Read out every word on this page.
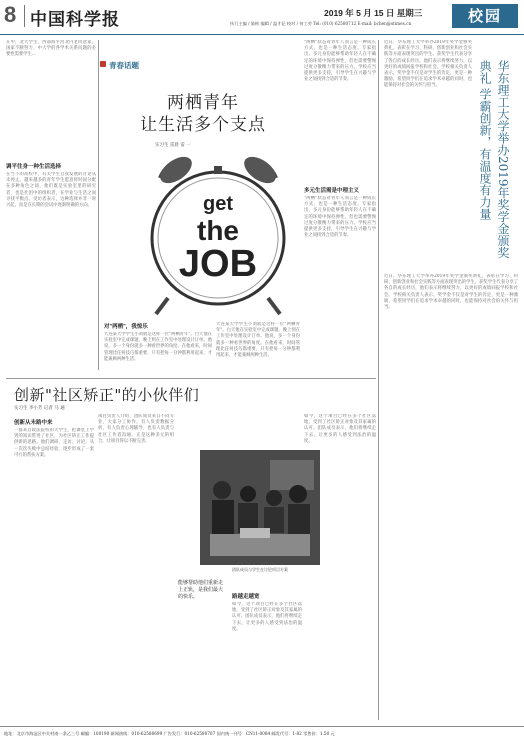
8 中国科学报	2019 年 5 月 15 日 星期三
执行主编 / 陈彬 编辑 / 温才妃 校对 / 何工劳 Tel: (010) 62580712 E-mail: bchen@stimes.cn	校园
在中，北大学生、西部海平河北内老同意家、国家不断努力、中大学的各学术关系问题的必要性需要学生...
调平往身一种生活选择
在当下的高校中，有关学生自我发展的讨论从未停止。越来越多的青年学生愿意将时间分配在多种角色之间，他们既是实验室里的研究者，也是社团中的组织者，在学业与生活之间寻找平衡点。受访者表示，这种选择并非一时兴起，而是在长期的尝试中逐渐明确的方向。
青春话题
两栖青年
让生活多个支点
实习生 雷晨 雷 一
get
the
JOB
对"两栖"，我惊乐
大连某大学学生小刘就是这样一位"两栖青年"。白天他在实验室中完成课题，晚上则在工作室中处理设计订单。他说，多一个身份就多一种看世界的角度。在他看来，时间管理比任何技巧都重要，只有把每一分钟都利用起来，才能兼顾两种生活。
大连某大学学生小刘就是这样一位"两栖青年"。白天他在实验室中完成课题，晚上则在工作室中处理设计订单。他说，多一个身份就多一种看世界的角度。在他看来，时间管理比任何技巧都重要，只有把每一分钟都利用起来，才能兼顾两种生活。
"两栖"状态对青年人而言是一种成长方式，也是一种生活态度。专家指出，多元身份能够帮助年轻人在不确定的环境中保持弹性，但也需要警惕过度分散精力带来的压力。学校应当提供更多支持，引导学生在兴趣与学业之间找到合适的节奏。
多元生活需是中理主义
"两栖"状态对青年人而言是一种成长方式，也是一种生活态度。专家指出，多元身份能够帮助年轻人在不确定的环境中保持弹性，但也需要警惕过度分散精力带来的压力。学校应当提供更多支持，引导学生在兴趣与学业之间找到合适的节奏。
创新"社区矫正"的小伙伴们
实习生 李小芳 记者 马 通
创新从未路中来
一群来自政法院校的大学生，把课堂上学到的知识带进了社区，为社区矫正工作提供新的思路。他们调研、走访、讨论，从一次次失败中总结经验，逐步形成了一套可行的帮扶方案。
项目负责人介绍，团队成员来自不同专业，大家分工协作，有人负责数据分析，有人负责心理辅导，也有人负责与社区工作者沟通。正是这种多元的组合，让项目得以不断完善。
团队成员与学生在讨论项目方案
能够帮助他们重新走上正轨，是我们最大的快乐。	路越走越宽
如今，这个项目已经在多个社区落地，受到了社区矫正对象及其家属的认可。团队成员表示，他们将继续走下去，让更多的人感受到法治的温度。
如今，这个项目已经在多个社区落地，受到了社区矫正对象及其家属的认可。团队成员表示，他们将继续走下去，让更多的人感受到法治的温度。
华东理工大学举办2019年奖学金颁奖典礼 学霸创新，有温度有力量
近日，华东理工大学举办2019年奖学金颁奖典礼，表彰在学习、科研、创新创业和社会实践等方面表现突出的学生。获奖学生代表分享了各自的成长经历，他们表示将继续努力，以更好的成绩回报学校和社会。学校相关负责人表示，奖学金不仅是对学生的肯定，更是一种激励，希望同学们在追求学术卓越的同时，也能保持对社会的关怀与担当。
近日，华东理工大学举办2019年奖学金颁奖典礼，表彰在学习、科研、创新创业和社会实践等方面表现突出的学生。获奖学生代表分享了各自的成长经历，他们表示将继续努力，以更好的成绩回报学校和社会。学校相关负责人表示，奖学金不仅是对学生的肯定，更是一种激励，希望同学们在追求学术卓越的同时，也能保持对社会的关怀与担当。
地址：北京市海淀区中关村南一条乙三号 邮编：100190 新闻热线：010-62580699 广告发行：010-62580707 国内统一刊号：CN11-0084 邮发代号：1-82 零售价：1.50 元
